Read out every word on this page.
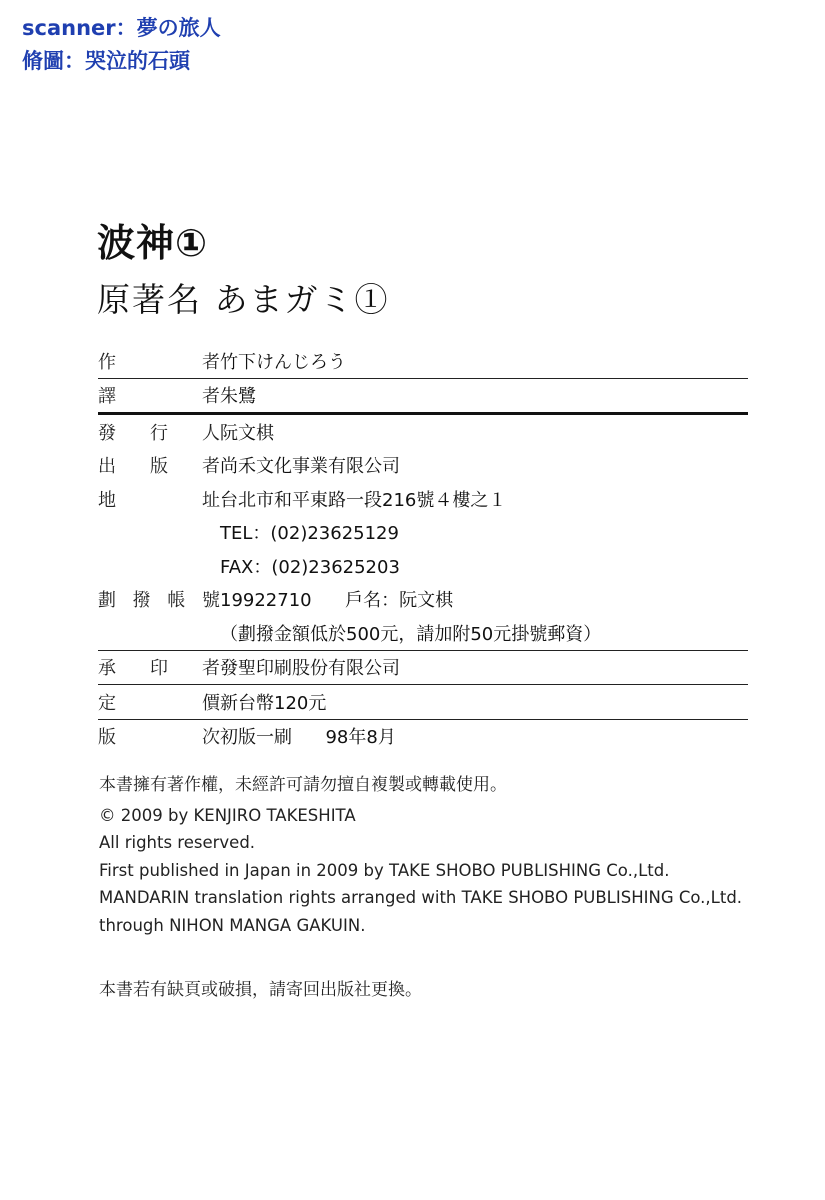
scanner：夢の旅人
脩圖：哭泣的石頭
波神①
原著名 あまガミ①
作者 竹下けんじろう
譯者 朱鷺
發行人 阮文棋
出版者 尚禾文化事業有限公司
地址 台北市和平東路一段216號４樓之１
TEL：(02)23625129
FAX：(02)23625203
劃撥帳號 19922710 戶名：阮文棋
（劃撥金額低於500元，請加附50元掛號郵資）
承印者 發聖印刷股份有限公司
定價 新台幣120元
版次 初版一刷 98年8月
本書擁有著作權，未經許可請勿擅自複製或轉載使用。
© 2009 by KENJIRO TAKESHITA
All rights reserved.
First published in Japan in 2009 by TAKE SHOBO PUBLISHING Co.,Ltd.
MANDARIN translation rights arranged with TAKE SHOBO PUBLISHING Co.,Ltd.
through NIHON MANGA GAKUIN.
本書若有缺頁或破損，請寄回出版社更換。
